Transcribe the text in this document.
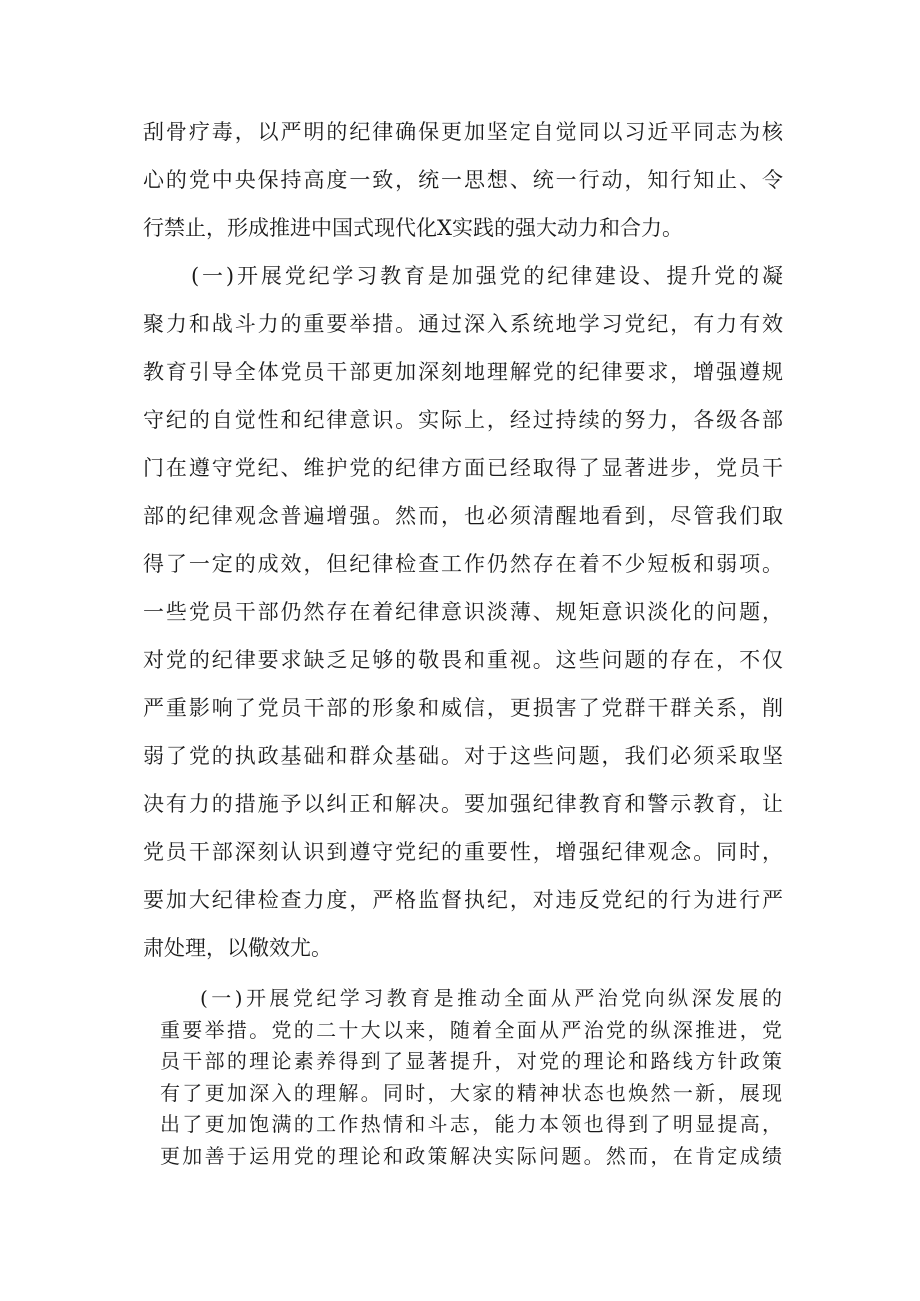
刮骨疗毒，以严明的纪律确保更加坚定自觉同以习近平同志为核
心的党中央保持高度一致，统一思想、统一行动，知行知止、令
行禁止，形成推进中国式现代化X实践的强大动力和合力。
(一)开展党纪学习教育是加强党的纪律建设、提升党的凝
聚力和战斗力的重要举措。通过深入系统地学习党纪，有力有效
教育引导全体党员干部更加深刻地理解党的纪律要求，增强遵规
守纪的自觉性和纪律意识。实际上，经过持续的努力，各级各部
门在遵守党纪、维护党的纪律方面已经取得了显著进步，党员干
部的纪律观念普遍增强。然而，也必须清醒地看到，尽管我们取
得了一定的成效，但纪律检查工作仍然存在着不少短板和弱项。
一些党员干部仍然存在着纪律意识淡薄、规矩意识淡化的问题，
对党的纪律要求缺乏足够的敬畏和重视。这些问题的存在，不仅
严重影响了党员干部的形象和威信，更损害了党群干群关系，削
弱了党的执政基础和群众基础。对于这些问题，我们必须采取坚
决有力的措施予以纠正和解决。要加强纪律教育和警示教育，让
党员干部深刻认识到遵守党纪的重要性，增强纪律观念。同时，
要加大纪律检查力度，严格监督执纪，对违反党纪的行为进行严
肃处理，以儆效尤。
(一)开展党纪学习教育是推动全面从严治党向纵深发展的
重要举措。党的二十大以来，随着全面从严治党的纵深推进，党
员干部的理论素养得到了显著提升，对党的理论和路线方针政策
有了更加深入的理解。同时，大家的精神状态也焕然一新，展现
出了更加饱满的工作热情和斗志，能力本领也得到了明显提高，
更加善于运用党的理论和政策解决实际问题。然而，在肯定成绩
